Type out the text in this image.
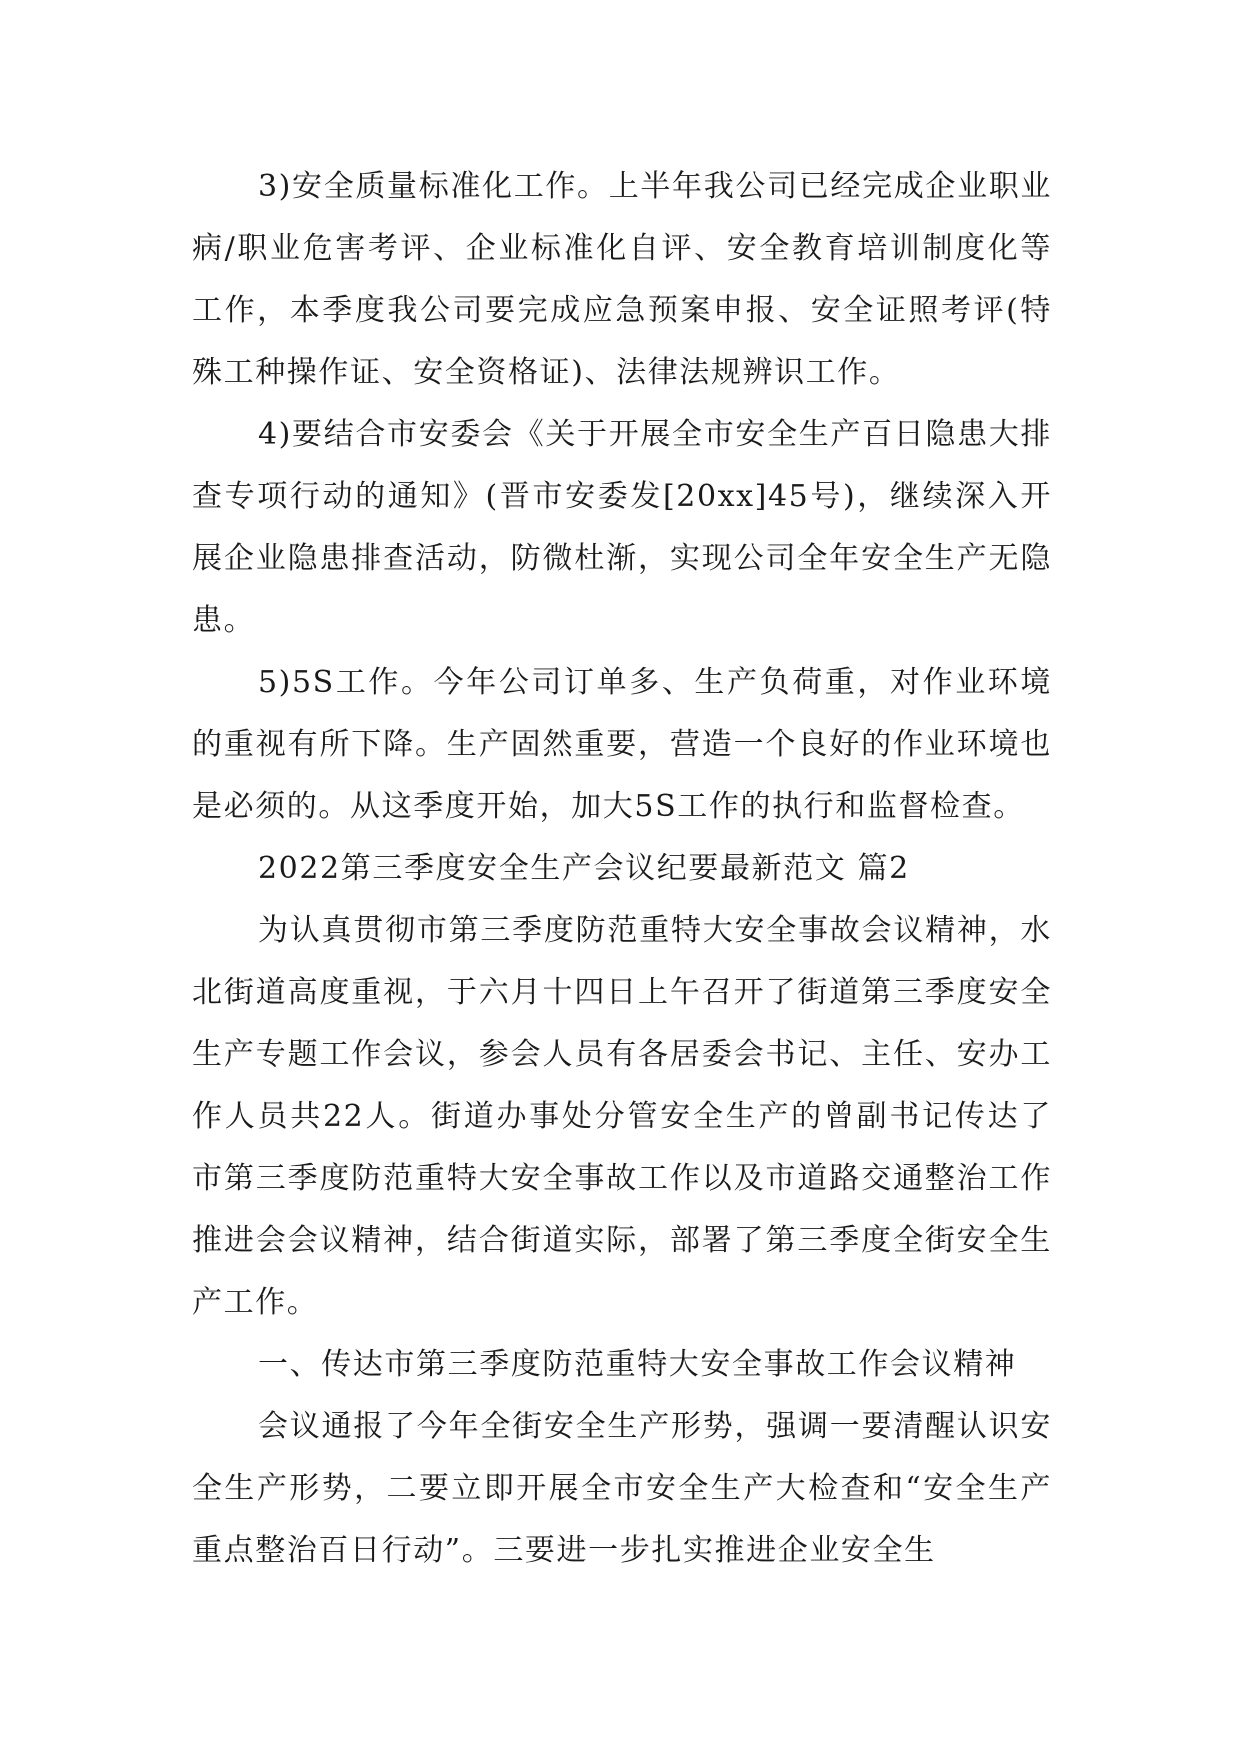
3)安全质量标准化工作。上半年我公司已经完成企业职业病/职业危害考评、企业标准化自评、安全教育培训制度化等工作，本季度我公司要完成应急预案申报、安全证照考评(特殊工种操作证、安全资格证)、法律法规辨识工作。

4)要结合市安委会《关于开展全市安全生产百日隐患大排查专项行动的通知》(晋市安委发[20xx]45号)，继续深入开展企业隐患排查活动，防微杜渐，实现公司全年安全生产无隐患。

5)5S工作。今年公司订单多、生产负荷重，对作业环境的重视有所下降。生产固然重要，营造一个良好的作业环境也是必须的。从这季度开始，加大5S工作的执行和监督检查。

2022第三季度安全生产会议纪要最新范文 篇2

为认真贯彻市第三季度防范重特大安全事故会议精神，水北街道高度重视，于六月十四日上午召开了街道第三季度安全生产专题工作会议，参会人员有各居委会书记、主任、安办工作人员共22人。街道办事处分管安全生产的曾副书记传达了市第三季度防范重特大安全事故工作以及市道路交通整治工作推进会会议精神，结合街道实际，部署了第三季度全街安全生产工作。

一、传达市第三季度防范重特大安全事故工作会议精神

会议通报了今年全街安全生产形势，强调一要清醒认识安全生产形势，二要立即开展全市安全生产大检查和“安全生产重点整治百日行动”。三要进一步扎实推进企业安全生
